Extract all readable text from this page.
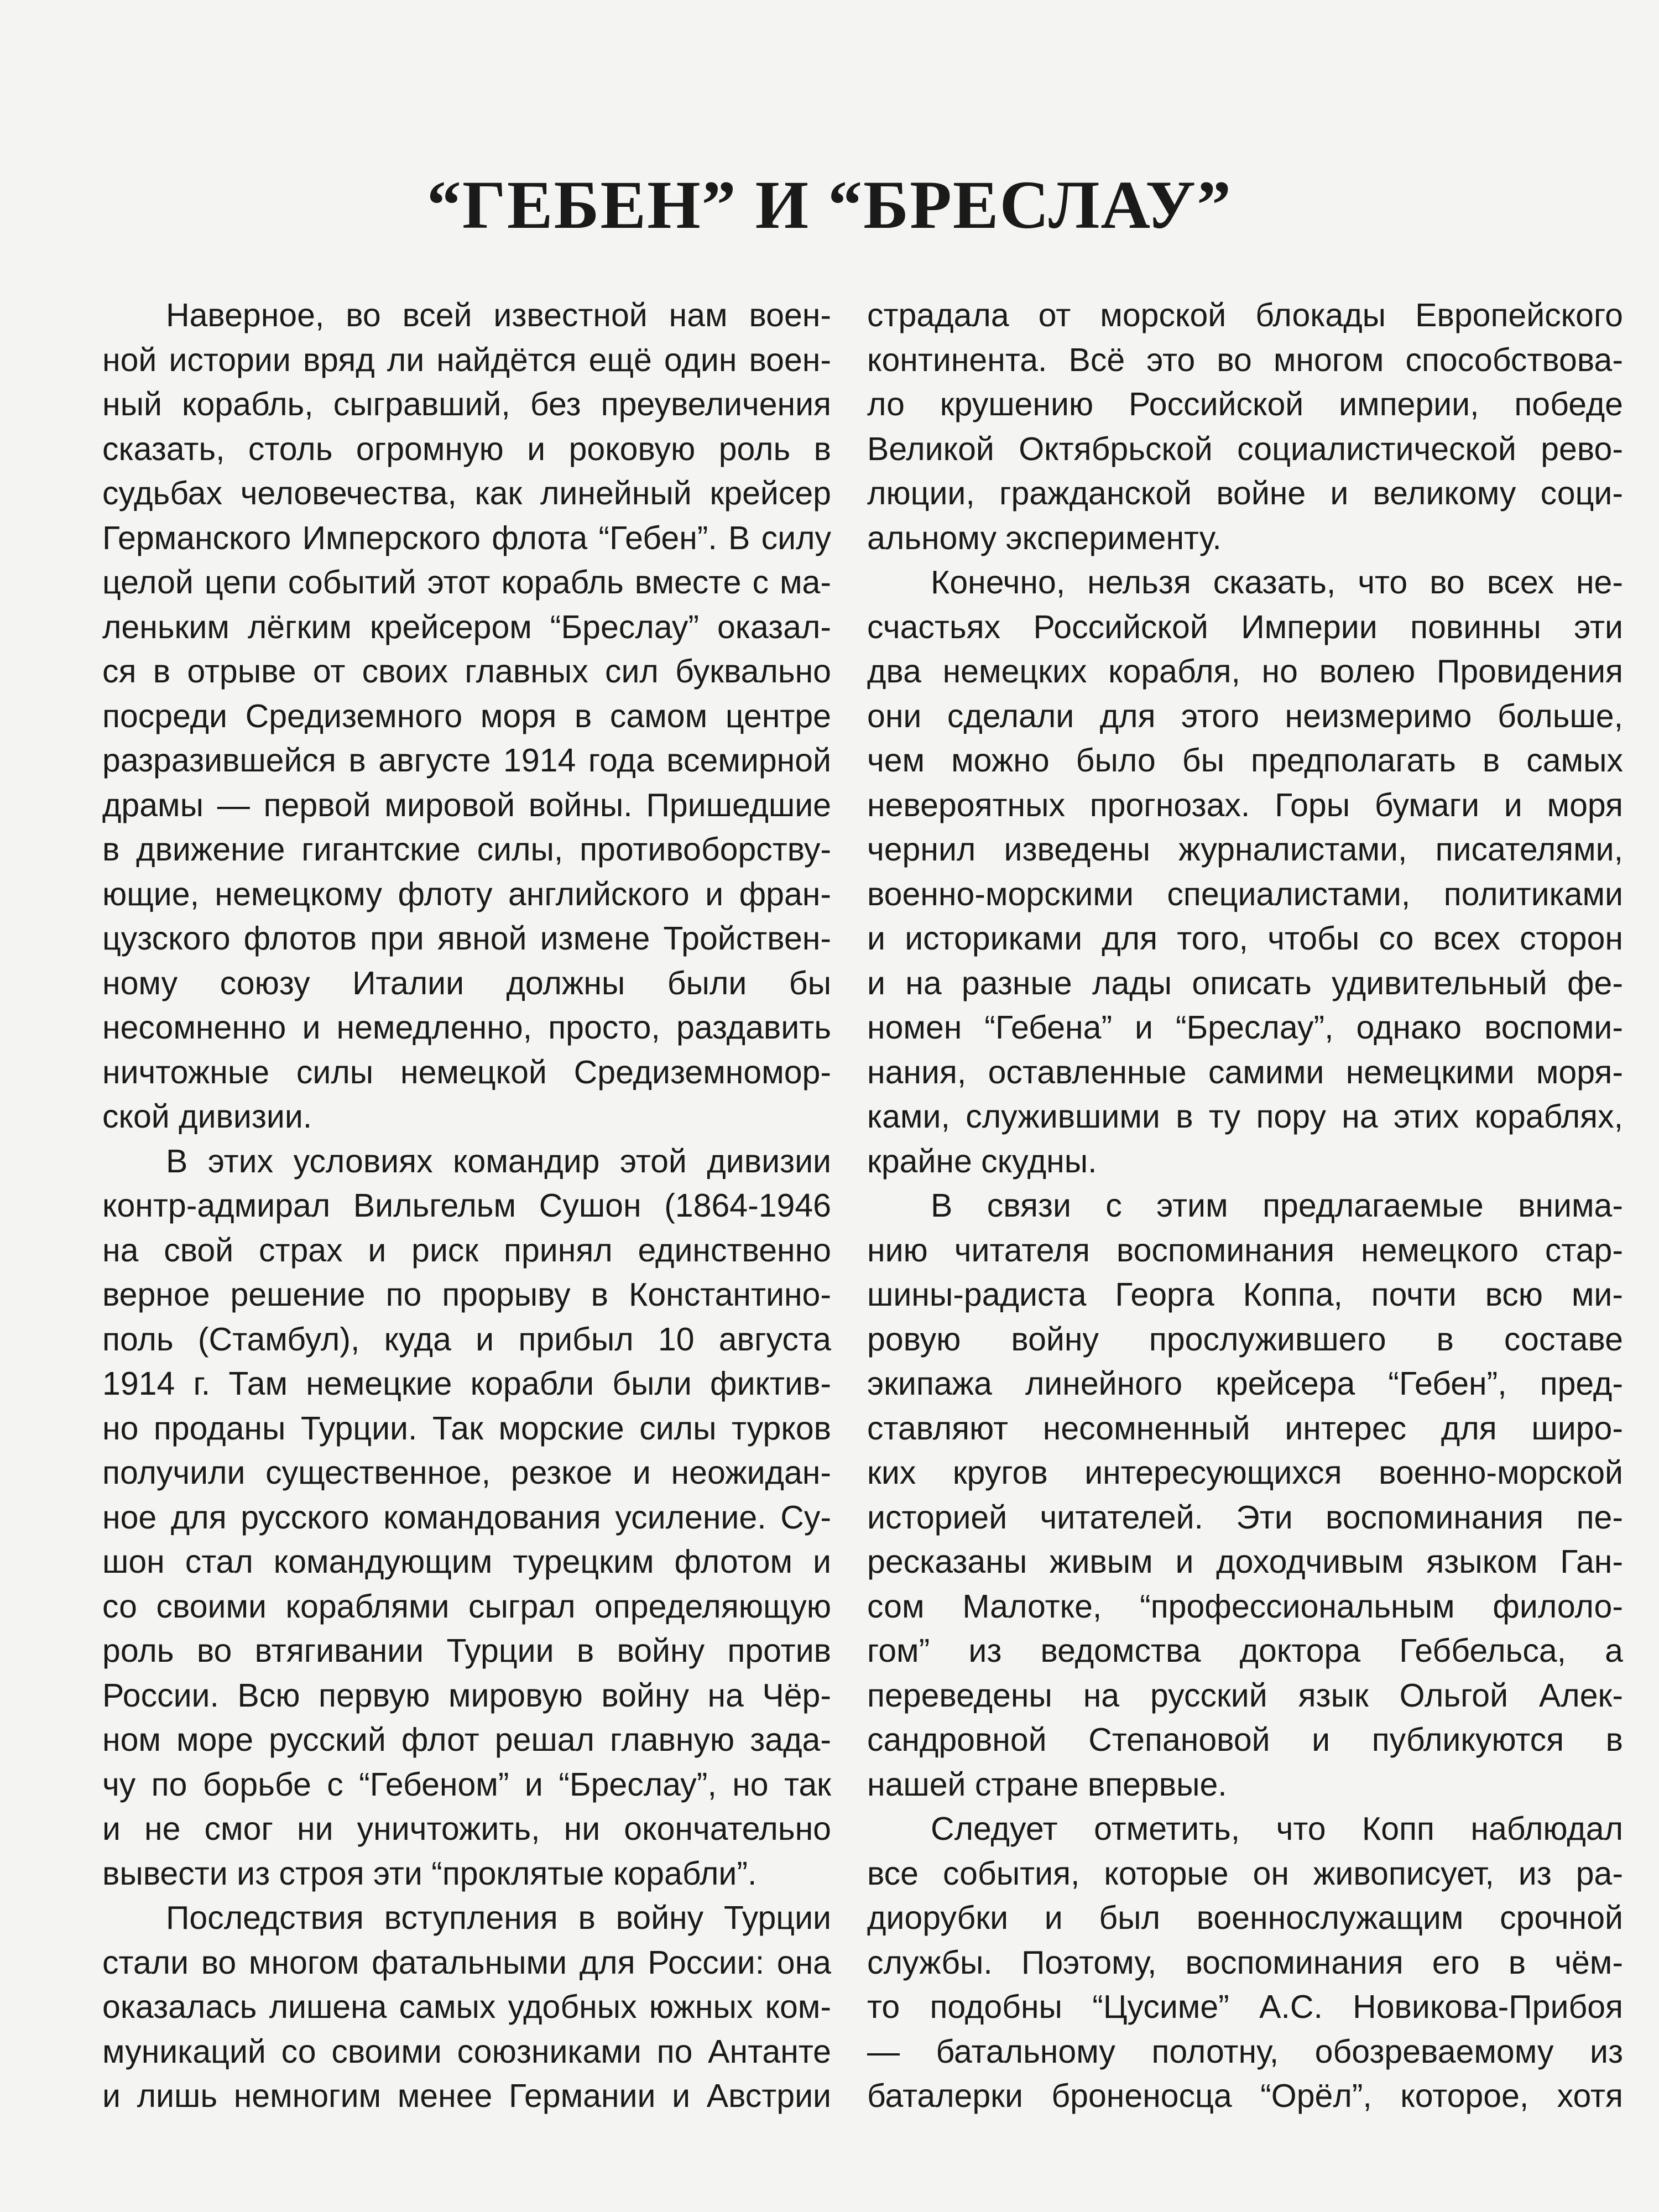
“ГЕБЕН” И “БРЕСЛАУ”
Наверное, во всей известной нам воен-
ной истории вряд ли найдётся ещё один воен-
ный корабль, сыгравший, без преувеличения
сказать, столь огромную и роковую роль в
судьбах человечества, как линейный крейсер
Германского Имперского флота “Гебен”. В силу
целой цепи событий этот корабль вместе с ма-
леньким лёгким крейсером “Бреслау” оказал-
ся в отрыве от своих главных сил буквально
посреди Средиземного моря в самом центре
разразившейся в августе 1914 года всемирной
драмы — первой мировой войны. Пришедшие
в движение гигантские силы, противоборству-
ющие, немецкому флоту английского и фран-
цузского флотов при явной измене Тройствен-
ному союзу Италии должны были бы
несомненно и немедленно, просто, раздавить
ничтожные силы немецкой Средиземномор-
ской дивизии.
В этих условиях командир этой дивизии
контр-адмирал Вильгельм Сушон (1864-1946
на свой страх и риск принял единственно
верное решение по прорыву в Константино-
поль (Стамбул), куда и прибыл 10 августа
1914 г. Там немецкие корабли были фиктив-
но проданы Турции. Так морские силы турков
получили существенное, резкое и неожидан-
ное для русского командования усиление. Су-
шон стал командующим турецким флотом и
со своими кораблями сыграл определяющую
роль во втягивании Турции в войну против
России. Всю первую мировую войну на Чёр-
ном море русский флот решал главную зада-
чу по борьбе с “Гебеном” и “Бреслау”, но так
и не смог ни уничтожить, ни окончательно
вывести из строя эти “проклятые корабли”.
Последствия вступления в войну Турции
стали во многом фатальными для России: она
оказалась лишена самых удобных южных ком-
муникаций со своими союзниками по Антанте
и лишь немногим менее Германии и Австрии
страдала от морской блокады Европейского
континента. Всё это во многом способствова-
ло крушению Российской империи, победе
Великой Октябрьской социалистической рево-
люции, гражданской войне и великому соци-
альному эксперименту.
Конечно, нельзя сказать, что во всех не-
счастьях Российской Империи повинны эти
два немецких корабля, но волею Провидения
они сделали для этого неизмеримо больше,
чем можно было бы предполагать в самых
невероятных прогнозах. Горы бумаги и моря
чернил изведены журналистами, писателями,
военно-морскими специалистами, политиками
и историками для того, чтобы со всех сторон
и на разные лады описать удивительный фе-
номен “Гебена” и “Бреслау”, однако воспоми-
нания, оставленные самими немецкими моря-
ками, служившими в ту пору на этих кораблях,
крайне скудны.
В связи с этим предлагаемые внима-
нию читателя воспоминания немецкого стар-
шины-радиста Георга Коппа, почти всю ми-
ровую войну прослужившего в составе
экипажа линейного крейсера “Гебен”, пред-
ставляют несомненный интерес для широ-
ких кругов интересующихся военно-морской
историей читателей. Эти воспоминания пе-
ресказаны живым и доходчивым языком Ган-
сом Малотке, “профессиональным филоло-
гом” из ведомства доктора Геббельса, а
переведены на русский язык Ольгой Алек-
сандровной Степановой и публикуются в
нашей стране впервые.
Следует отметить, что Копп наблюдал
все события, которые он живописует, из ра-
диорубки и был военнослужащим срочной
службы. Поэтому, воспоминания его в чём-
то подобны “Цусиме” А.С. Новикова-Прибоя
— батальному полотну, обозреваемому из
баталерки броненосца “Орёл”, которое, хотя
